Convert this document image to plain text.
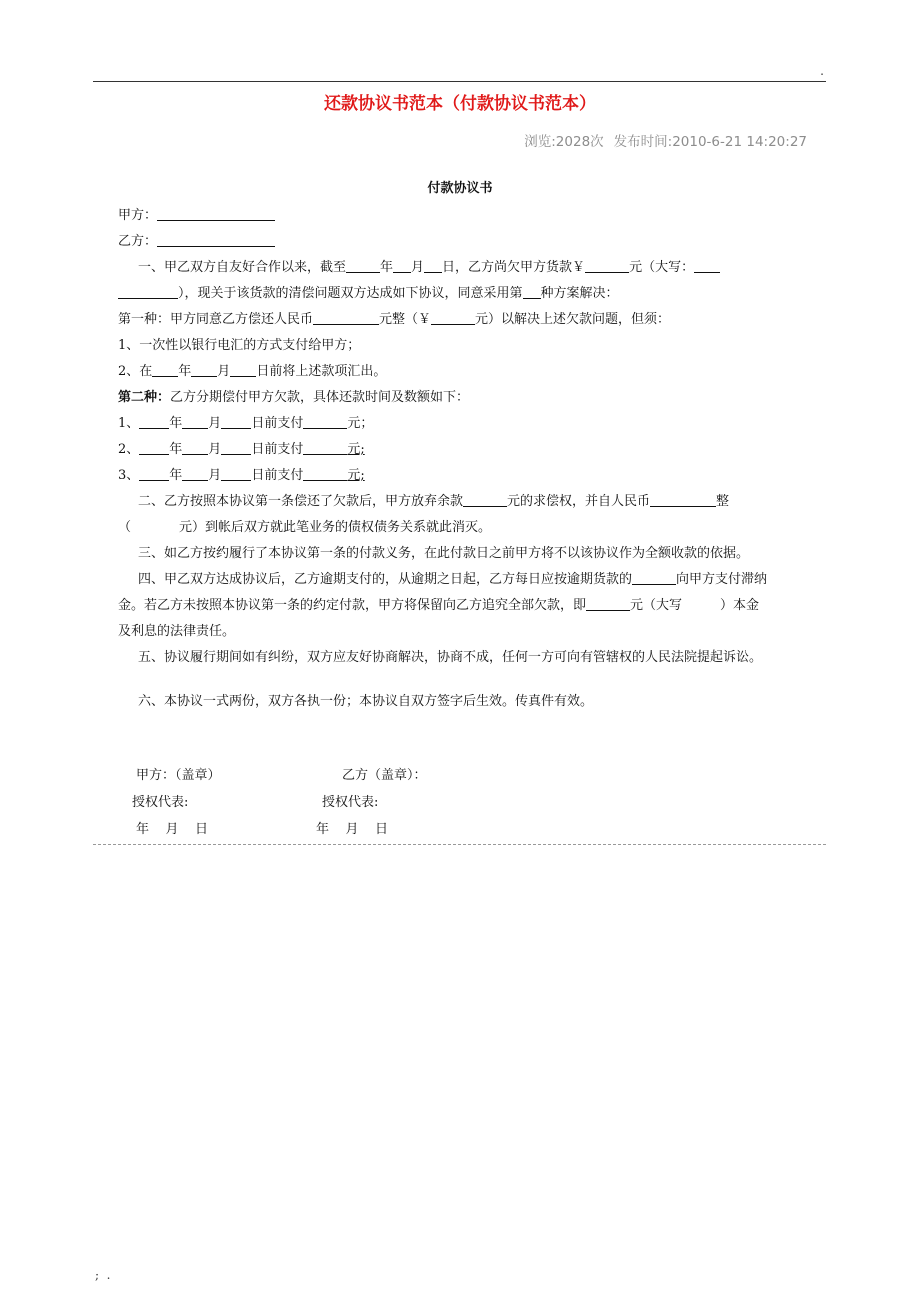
.
还款协议书范本（付款协议书范本）
浏览:2028次 发布时间:2010-6-21 14:20:27
付款协议书
甲方：
乙方：
一、甲乙双方自友好合作以来，截至	年 月 日，乙方尚欠甲方货款￥	元（大写：
），现关于该货款的清偿问题双方达成如下协议，同意采用第 种方案解决：
第一种：甲方同意乙方偿还人民币	元整（￥	元）以解决上述欠款问题，但须：
1、一次性以银行电汇的方式支付给甲方；
2、在 年 月 日前将上述款项汇出。
第二种：乙方分期偿付甲方欠款，具体还款时间及数额如下：
1、 年 月 日前支付	元；
2、 年 月 日前支付	元;
3、 年 月 日前支付	元;
二、乙方按照本协议第一条偿还了欠款后，甲方放弃余款	元的求偿权，并自人民币	整
（	元）到帐后双方就此笔业务的债权债务关系就此消灭。
三、如乙方按约履行了本协议第一条的付款义务，在此付款日之前甲方将不以该协议作为全额收款的依据。
四、甲乙双方达成协议后，乙方逾期支付的，从逾期之日起，乙方每日应按逾期货款的	向甲方支付滞纳
金。若乙方未按照本协议第一条的约定付款，甲方将保留向乙方追究全部欠款，即	元（大写	）本金
及利息的法律责任。
五、协议履行期间如有纠纷，双方应友好协商解决，协商不成，任何一方可向有管辖权的人民法院提起诉讼。
六、本协议一式两份，双方各执一份；本协议自双方签字后生效。传真件有效。
甲方：（盖章）	乙方（盖章）：
授权代表:	授权代表:
年    月    日	年    月    日
;  .
